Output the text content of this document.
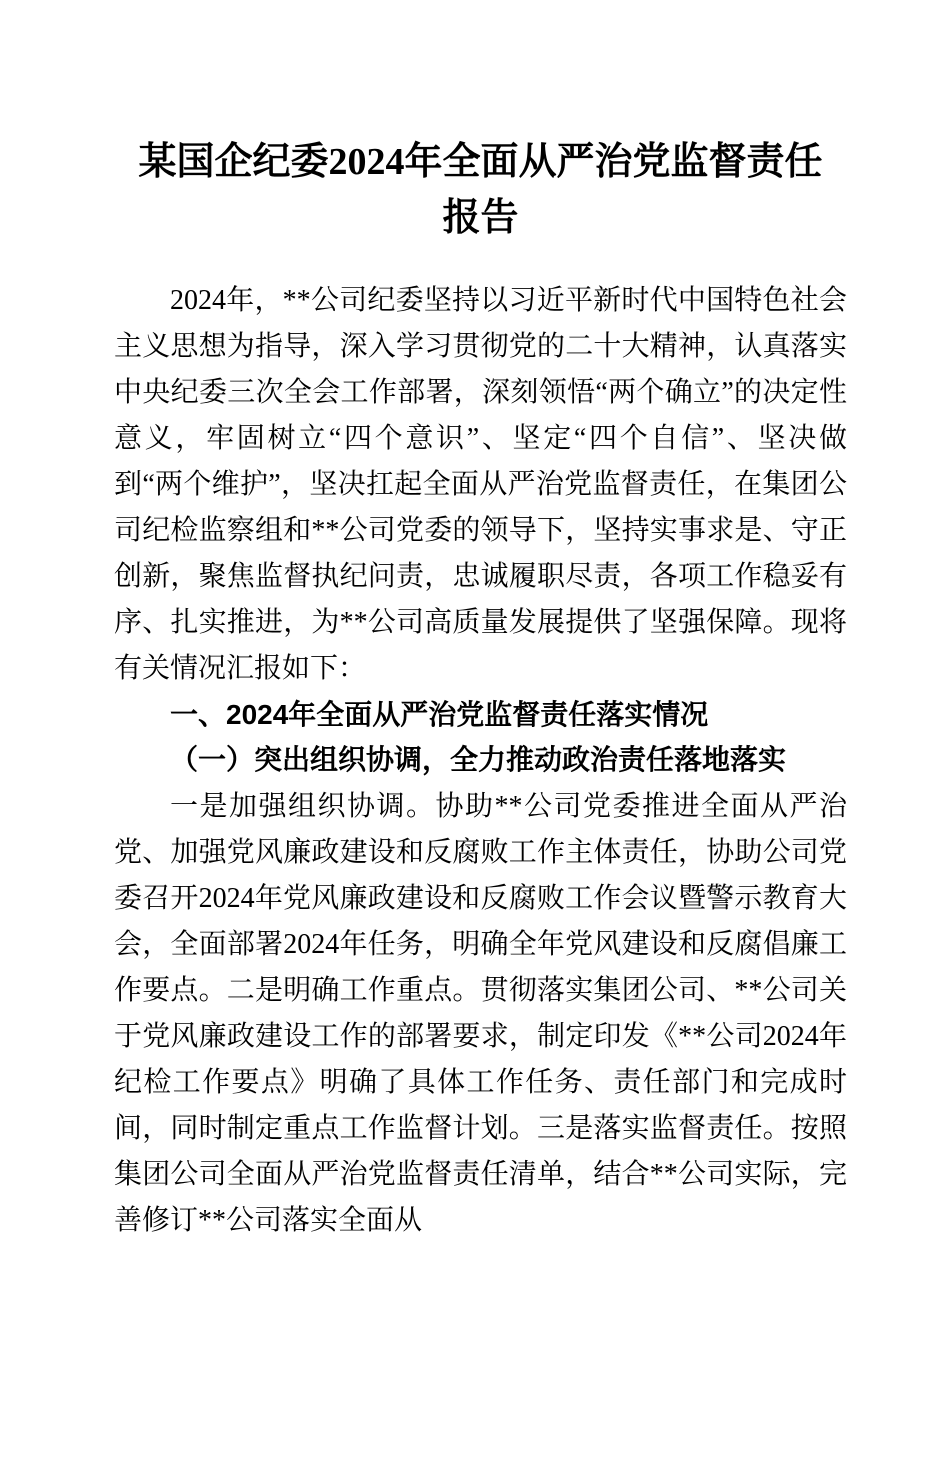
某国企纪委2024年全面从严治党监督责任报告

2024年，**公司纪委坚持以习近平新时代中国特色社会主义思想为指导，深入学习贯彻党的二十大精神，认真落实中央纪委三次全会工作部署，深刻领悟“两个确立”的决定性意义，牢固树立“四个意识”、坚定“四个自信”、坚决做到“两个维护”，坚决扛起全面从严治党监督责任，在集团公司纪检监察组和**公司党委的领导下，坚持实事求是、守正创新，聚焦监督执纪问责，忠诚履职尽责，各项工作稳妥有序、扎实推进，为**公司高质量发展提供了坚强保障。现将有关情况汇报如下：

一、2024年全面从严治党监督责任落实情况
（一）突出组织协调，全力推动政治责任落地落实

一是加强组织协调。协助**公司党委推进全面从严治党、加强党风廉政建设和反腐败工作主体责任，协助公司党委召开2024年党风廉政建设和反腐败工作会议暨警示教育大会，全面部署2024年任务，明确全年党风建设和反腐倡廉工作要点。二是明确工作重点。贯彻落实集团公司、**公司关于党风廉政建设工作的部署要求，制定印发《**公司2024年纪检工作要点》明确了具体工作任务、责任部门和完成时间，同时制定重点工作监督计划。三是落实监督责任。按照集团公司全面从严治党监督责任清单，结合**公司实际，完善修订**公司落实全面从
